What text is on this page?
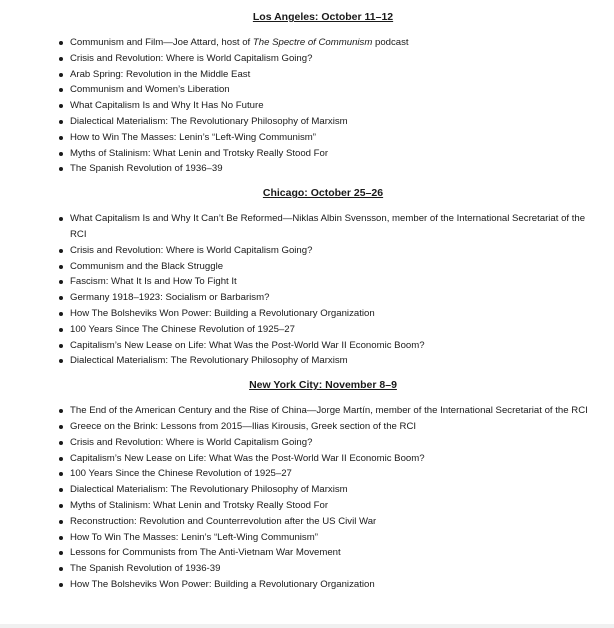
Los Angeles: October 11–12

Communism and Film—Joe Attard, host of The Spectre of Communism podcast
Crisis and Revolution: Where is World Capitalism Going?
Arab Spring: Revolution in the Middle East
Communism and Women’s Liberation
What Capitalism Is and Why It Has No Future
Dialectical Materialism: The Revolutionary Philosophy of Marxism
How to Win The Masses: Lenin’s “Left-Wing Communism”
Myths of Stalinism: What Lenin and Trotsky Really Stood For
The Spanish Revolution of 1936–39

Chicago: October 25–26

What Capitalism Is and Why It Can’t Be Reformed—Niklas Albin Svensson, member of the International Secretariat of the RCI
Crisis and Revolution: Where is World Capitalism Going?
Communism and the Black Struggle
Fascism: What It Is and How To Fight It
Germany 1918–1923: Socialism or Barbarism?
How The Bolsheviks Won Power: Building a Revolutionary Organization
100 Years Since The Chinese Revolution of 1925–27
Capitalism’s New Lease on Life: What Was the Post-World War II Economic Boom?
Dialectical Materialism: The Revolutionary Philosophy of Marxism

New York City: November 8–9

The End of the American Century and the Rise of China—Jorge Martín, member of the International Secretariat of the RCI
Greece on the Brink: Lessons from 2015—Ilias Kirousis, Greek section of the RCI
Crisis and Revolution: Where is World Capitalism Going?
Capitalism’s New Lease on Life: What Was the Post-World War II Economic Boom?
100 Years Since the Chinese Revolution of 1925–27
Dialectical Materialism: The Revolutionary Philosophy of Marxism
Myths of Stalinism: What Lenin and Trotsky Really Stood For
Reconstruction: Revolution and Counterrevolution after the US Civil War
How To Win The Masses: Lenin’s “Left-Wing Communism”
Lessons for Communists from The Anti-Vietnam War Movement
The Spanish Revolution of 1936-39
How The Bolsheviks Won Power: Building a Revolutionary Organization
